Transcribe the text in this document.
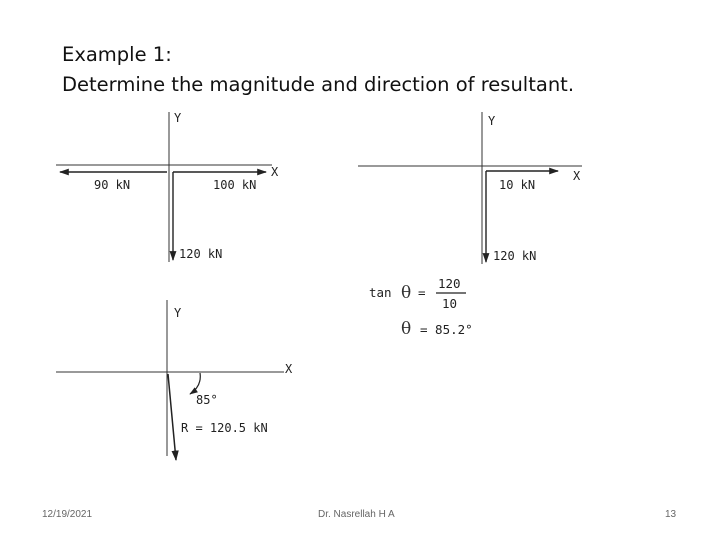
Example 1:
Determine the magnitude and direction of resultant.
Y
X
90 kN	100 kN
120 kN
Y
X
10 kN
120 kN
tan θ =
120
10
θ = 85.2°
Y
X
85°
R = 120.5 kN
12/19/2021	Dr. Nasrellah H A	13
